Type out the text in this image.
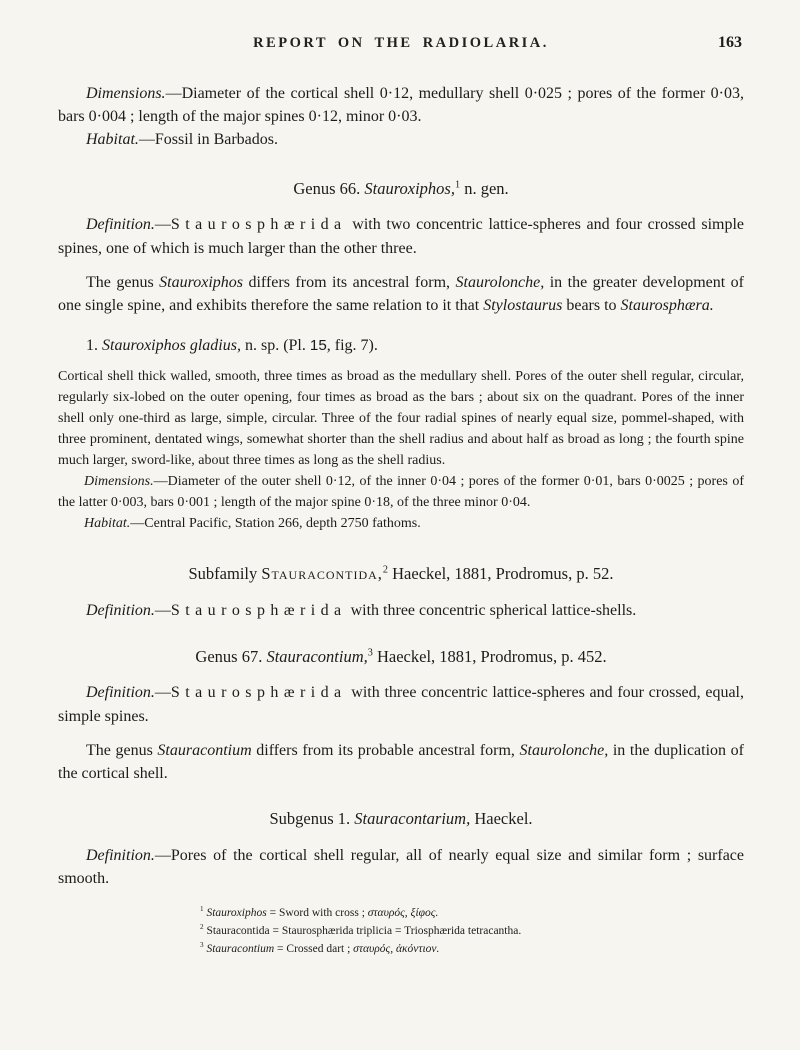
REPORT ON THE RADIOLARIA.	163

Dimensions.—Diameter of the cortical shell 0·12, medullary shell 0·025 ; pores of the former 0·03, bars 0·004 ; length of the major spines 0·12, minor 0·03.

Habitat.—Fossil in Barbados.

Genus 66. Stauroxiphos,$^1$ n. gen.

Definition.—Staurosphærida with two concentric lattice-spheres and four crossed simple spines, one of which is much larger than the other three.

The genus Stauroxiphos differs from its ancestral form, Staurolonche, in the greater development of one single spine, and exhibits therefore the same relation to it that Stylostaurus bears to Staurosphæra.

1. Stauroxiphos gladius, n. sp. (Pl. 15, fig. 7).

Cortical shell thick walled, smooth, three times as broad as the medullary shell. Pores of the outer shell regular, circular, regularly six-lobed on the outer opening, four times as broad as the bars ; about six on the quadrant. Pores of the inner shell only one-third as large, simple, circular. Three of the four radial spines of nearly equal size, pommel-shaped, with three prominent, dentated wings, somewhat shorter than the shell radius and about half as broad as long ; the fourth spine much larger, sword-like, about three times as long as the shell radius.

Dimensions.—Diameter of the outer shell 0·12, of the inner 0·04 ; pores of the former 0·01, bars 0·0025 ; pores of the latter 0·003, bars 0·001 ; length of the major spine 0·18, of the three minor 0·04.

Habitat.—Central Pacific, Station 266, depth 2750 fathoms.

Subfamily Stauracontida,$^2$ Haeckel, 1881, Prodromus, p. 52.

Definition.—Staurosphærida with three concentric spherical lattice-shells.

Genus 67. Stauracontium,$^3$ Haeckel, 1881, Prodromus, p. 452.

Definition.—Staurosphærida with three concentric lattice-spheres and four crossed, equal, simple spines.

The genus Stauracontium differs from its probable ancestral form, Staurolonche, in the duplication of the cortical shell.

Subgenus 1. Stauracontarium, Haeckel.

Definition.—Pores of the cortical shell regular, all of nearly equal size and similar form ; surface smooth.

$^1$ Stauroxiphos = Sword with cross ; σταυρός, ξίφος.

$^2$ Stauracontida = Staurosphærida triplicia = Triosphærida tetracantha.

$^3$ Stauracontium = Crossed dart ; σταυρός, ἀκόντιον.
